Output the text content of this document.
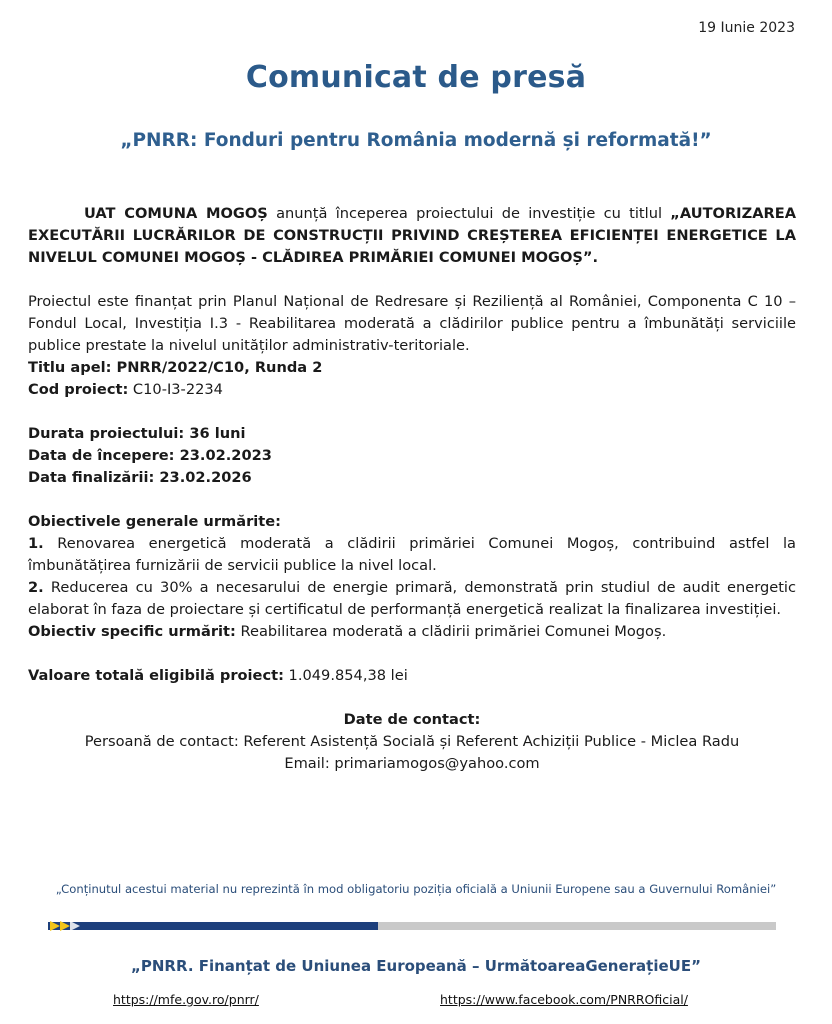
19 Iunie 2023
Comunicat de presă
„PNRR: Fonduri pentru România modernă și reformată!”

UAT COMUNA MOGOȘ anunță începerea proiectului de investiție cu titlul „AUTORIZAREA EXECUTĂRII LUCRĂRILOR DE CONSTRUCȚII PRIVIND CREȘTEREA EFICIENȚEI ENERGETICE LA NIVELUL COMUNEI MOGOȘ - CLĂDIREA PRIMĂRIEI COMUNEI MOGOȘ”.

Proiectul este finanțat prin Planul Național de Redresare și Reziliență al României, Componenta C 10 – Fondul Local, Investiția I.3 - Reabilitarea moderată a clădirilor publice pentru a îmbunătăți serviciile publice prestate la nivelul unităților administrativ-teritoriale.

Titlu apel: PNRR/2022/C10, Runda 2

Cod proiect: C10-I3-2234

Durata proiectului: 36 luni

Data de începere: 23.02.2023

Data finalizării: 23.02.2026

Obiectivele generale urmărite:

1. Renovarea energetică moderată a clădirii primăriei Comunei Mogoș, contribuind astfel la îmbunătățirea furnizării de servicii publice la nivel local.

2. Reducerea cu 30% a necesarului de energie primară, demonstrată prin studiul de audit energetic elaborat în faza de proiectare și certificatul de performanță energetică realizat la finalizarea investiției.

Obiectiv specific urmărit: Reabilitarea moderată a clădirii primăriei Comunei Mogoș.

Valoare totală eligibilă proiect: 1.049.854,38 lei

Date de contact:

Persoană de contact: Referent Asistență Socială și Referent Achiziții Publice - Miclea Radu

Email: primariamogos@yahoo.com

„Conținutul acestui material nu reprezintă în mod obligatoriu poziția oficială a Uniunii Europene sau a Guvernului României”
„PNRR. Finanțat de Uniunea Europeană – UrmătoareaGenerațieUE”
https://mfe.gov.ro/pnrr/	https://www.facebook.com/PNRROficial/
